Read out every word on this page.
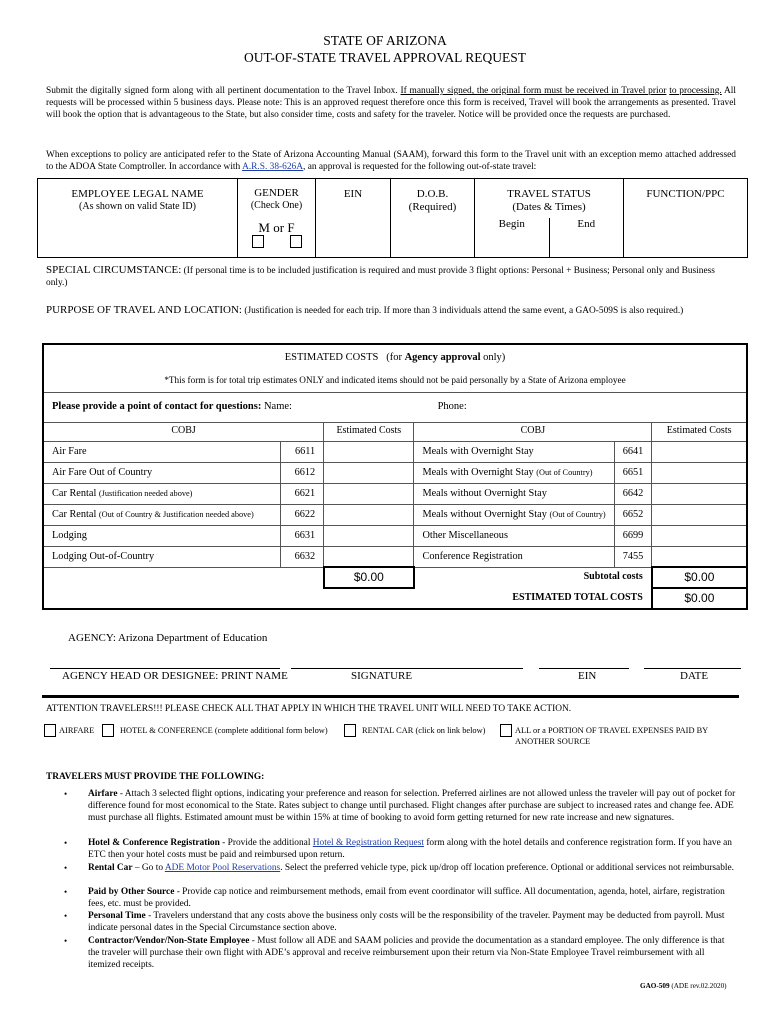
STATE OF ARIZONA
OUT-OF-STATE TRAVEL APPROVAL REQUEST
Submit the digitally signed form along with all pertinent documentation to the Travel Inbox. If manually signed, the original form must be received in Travel prior to processing. All requests will be processed within 5 business days. Please note: This is an approved request therefore once this form is received, Travel will book the arrangements as presented. Travel will book the option that is advantageous to the State, but also consider time, costs and safety for the traveler. Notice will be provided once the requests are purchased.
When exceptions to policy are anticipated refer to the State of Arizona Accounting Manual (SAAM), forward this form to the Travel unit with an exception memo attached addressed to the ADOA State Comptroller. In accordance with A.R.S. 38-626A, an approval is requested for the following out-of-state travel:
EMPLOYEE LEGAL NAME
(As shown on valid State ID)
	GENDER
(Check One)
M or F
	EIN	D.O.B.
(Required)

TRAVEL STATUS
(Dates & Times)
Begin	End
	FUNCTION/PPC
SPECIAL CIRCUMSTANCE: (If personal time is to be included justification is required and must provide 3 flight options: Personal + Business; Personal only and Business only.)
PURPOSE OF TRAVEL AND LOCATION: (Justification is needed for each trip. If more than 3 individuals attend the same event, a GAO-509S is also required.)
ESTIMATED COSTS (for Agency approval only)					
*This form is for total trip estimates ONLY and indicated items should not be paid personally by a State of Arizona employee					
Please provide a point of contact for questions: Name: Phone:					
COBJ		Estimated Costs	COBJ		Estimated Costs
Air Fare	6611		Meals with Overnight Stay	6641	
Air Fare Out of Country	6612		Meals with Overnight Stay (Out of Country)	6651	
Car Rental (Justification needed above)	6621		Meals without Overnight Stay	6642	
Car Rental (Out of Country & Justification needed above)	6622		Meals without Overnight Stay (Out of Country)	6652	
Lodging	6631		Other Miscellaneous	6699	
Lodging Out-of-Country	6632		Conference Registration	7455	
		$0.00	Subtotal costs		$0.00
			ESTIMATED TOTAL COSTS		$0.00
AGENCY: Arizona Department of Education
AGENCY HEAD OR DESIGNEE: PRINT NAME	SIGNATURE	EIN	DATE
ATTENTION TRAVELERS!!! PLEASE CHECK ALL THAT APPLY IN WHICH THE TRAVEL UNIT WILL NEED TO TAKE ACTION.
AIRFARE	HOTEL & CONFERENCE (complete additional form below)	RENTAL CAR (click on link below)	ALL or a PORTION OF TRAVEL EXPENSES PAID BY
ANOTHER SOURCE
TRAVELERS MUST PROVIDE THE FOLLOWING:
• Airfare - Attach 3 selected flight options, indicating your preference and reason for selection. Preferred airlines are not allowed unless the traveler will pay out of pocket for difference found for most economical to the State. Rates subject to change until purchased. Flight changes after purchase are subject to increased rates and change fee. ADE must purchase all flights. Estimated amount must be within 15% at time of booking to avoid form getting returned for new rate increase and new signatures.
• Hotel & Conference Registration - Provide the additional Hotel & Registration Request form along with the hotel details and conference registration form. If you have an ETC then your hotel costs must be paid and reimbursed upon return.
• Rental Car – Go to ADE Motor Pool Reservations. Select the preferred vehicle type, pick up/drop off location preference. Optional or additional services not reimbursable.
• Paid by Other Source - Provide cap notice and reimbursement methods, email from event coordinator will suffice. All documentation, agenda, hotel, airfare, registration fees, etc. must be provided.
• Personal Time - Travelers understand that any costs above the business only costs will be the responsibility of the traveler. Payment may be deducted from payroll. Must indicate personal dates in the Special Circumstance section above.
• Contractor/Vendor/Non-State Employee - Must follow all ADE and SAAM policies and provide the documentation as a standard employee. The only difference is that the traveler will purchase their own flight with ADE’s approval and receive reimbursement upon their return via Non-State Employee Travel reimbursement with all itemized receipts.
GAO-509 (ADE rev.02.2020)
